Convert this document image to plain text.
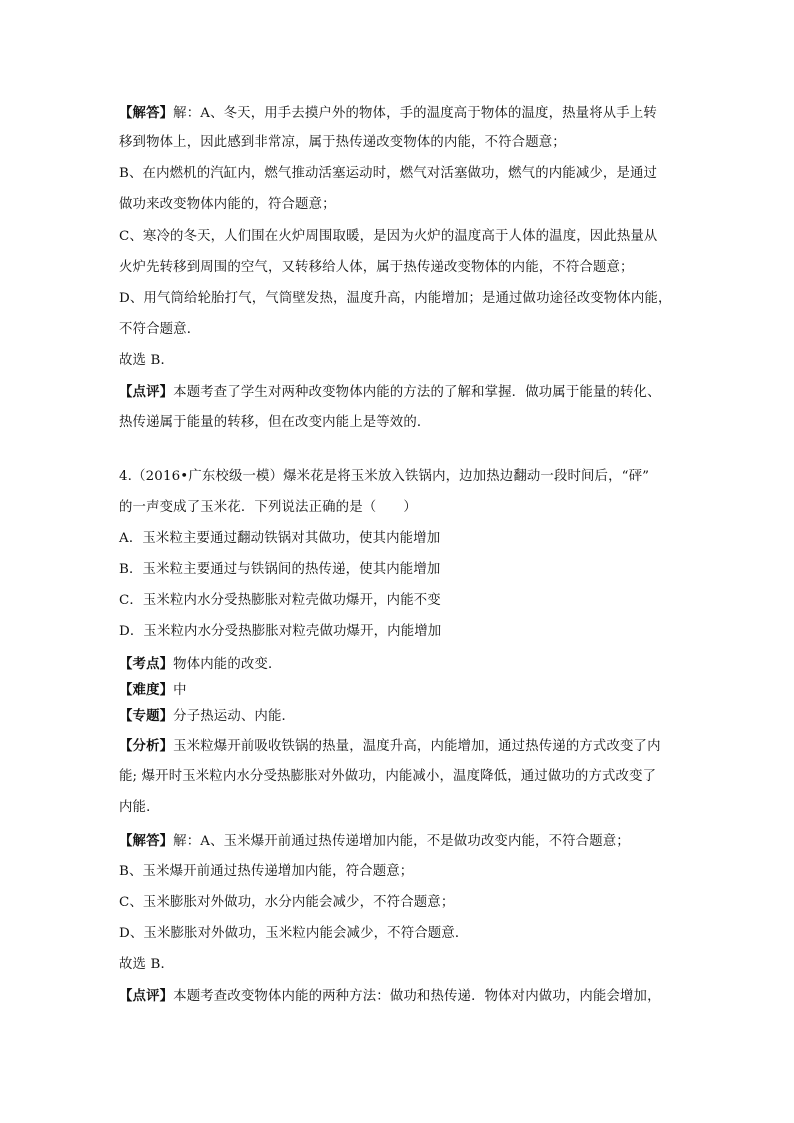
【解答】解：A、冬天，用手去摸户外的物体，手的温度高于物体的温度，热量将从手上转
移到物体上，因此感到非常凉，属于热传递改变物体的内能，不符合题意；
B、在内燃机的汽缸内，燃气推动活塞运动时，燃气对活塞做功，燃气的内能减少，是通过
做功来改变物体内能的，符合题意；
C、寒冷的冬天，人们围在火炉周围取暖，是因为火炉的温度高于人体的温度，因此热量从
火炉先转移到周围的空气，又转移给人体，属于热传递改变物体的内能，不符合题意；
D、用气筒给轮胎打气，气筒壁发热，温度升高，内能增加；是通过做功途径改变物体内能，
不符合题意．
故选 B．
【点评】本题考查了学生对两种改变物体内能的方法的了解和掌握．做功属于能量的转化、
热传递属于能量的转移，但在改变内能上是等效的．
4.（2016•广东校级一模）爆米花是将玉米放入铁锅内，边加热边翻动一段时间后，“砰”
的一声变成了玉米花．下列说法正确的是（　　）
A．玉米粒主要通过翻动铁锅对其做功，使其内能增加
B．玉米粒主要通过与铁锅间的热传递，使其内能增加
C．玉米粒内水分受热膨胀对粒壳做功爆开，内能不变
D．玉米粒内水分受热膨胀对粒壳做功爆开，内能增加
【考点】物体内能的改变．
【难度】中
【专题】分子热运动、内能．
【分析】玉米粒爆开前吸收铁锅的热量，温度升高，内能增加，通过热传递的方式改变了内
能; 爆开时玉米粒内水分受热膨胀对外做功，内能减小，温度降低，通过做功的方式改变了
内能．
【解答】解：A、玉米爆开前通过热传递增加内能，不是做功改变内能，不符合题意；
B、玉米爆开前通过热传递增加内能，符合题意；
C、玉米膨胀对外做功，水分内能会减少，不符合题意；
D、玉米膨胀对外做功，玉米粒内能会减少，不符合题意．
故选 B．
【点评】本题考查改变物体内能的两种方法：做功和热传递．物体对内做功，内能会增加，
